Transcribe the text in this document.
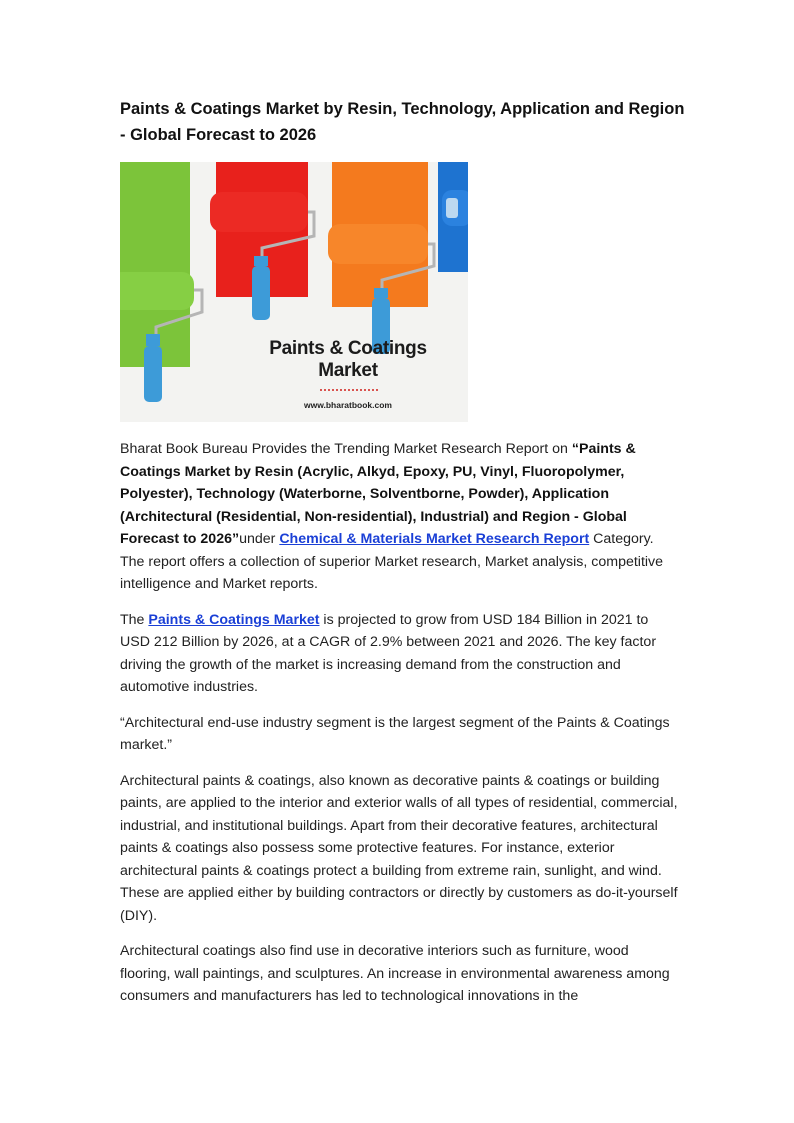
Paints & Coatings Market by Resin, Technology, Application and Region - Global Forecast to 2026
Paints & Coatings
Market
www.bharatbook.com

Bharat Book Bureau Provides the Trending Market Research Report on “Paints & Coatings Market by Resin (Acrylic, Alkyd, Epoxy, PU, Vinyl, Fluoropolymer, Polyester), Technology (Waterborne, Solventborne, Powder), Application (Architectural (Residential, Non-residential), Industrial) and Region - Global Forecast to 2026”under Chemical & Materials Market Research Report Category. The report offers a collection of superior Market research, Market analysis, competitive intelligence and Market reports.

The Paints & Coatings Market is projected to grow from USD 184 Billion in 2021 to USD 212 Billion by 2026, at a CAGR of 2.9% between 2021 and 2026. The key factor driving the growth of the market is increasing demand from the construction and automotive industries.

“Architectural end-use industry segment is the largest segment of the Paints & Coatings market.”

Architectural paints & coatings, also known as decorative paints & coatings or building paints, are applied to the interior and exterior walls of all types of residential, commercial, industrial, and institutional buildings. Apart from their decorative features, architectural paints & coatings also possess some protective features. For instance, exterior architectural paints & coatings protect a building from extreme rain, sunlight, and wind. These are applied either by building contractors or directly by customers as do-it-yourself (DIY).

Architectural coatings also find use in decorative interiors such as furniture, wood flooring, wall paintings, and sculptures. An increase in environmental awareness among consumers and manufacturers has led to technological innovations in the
